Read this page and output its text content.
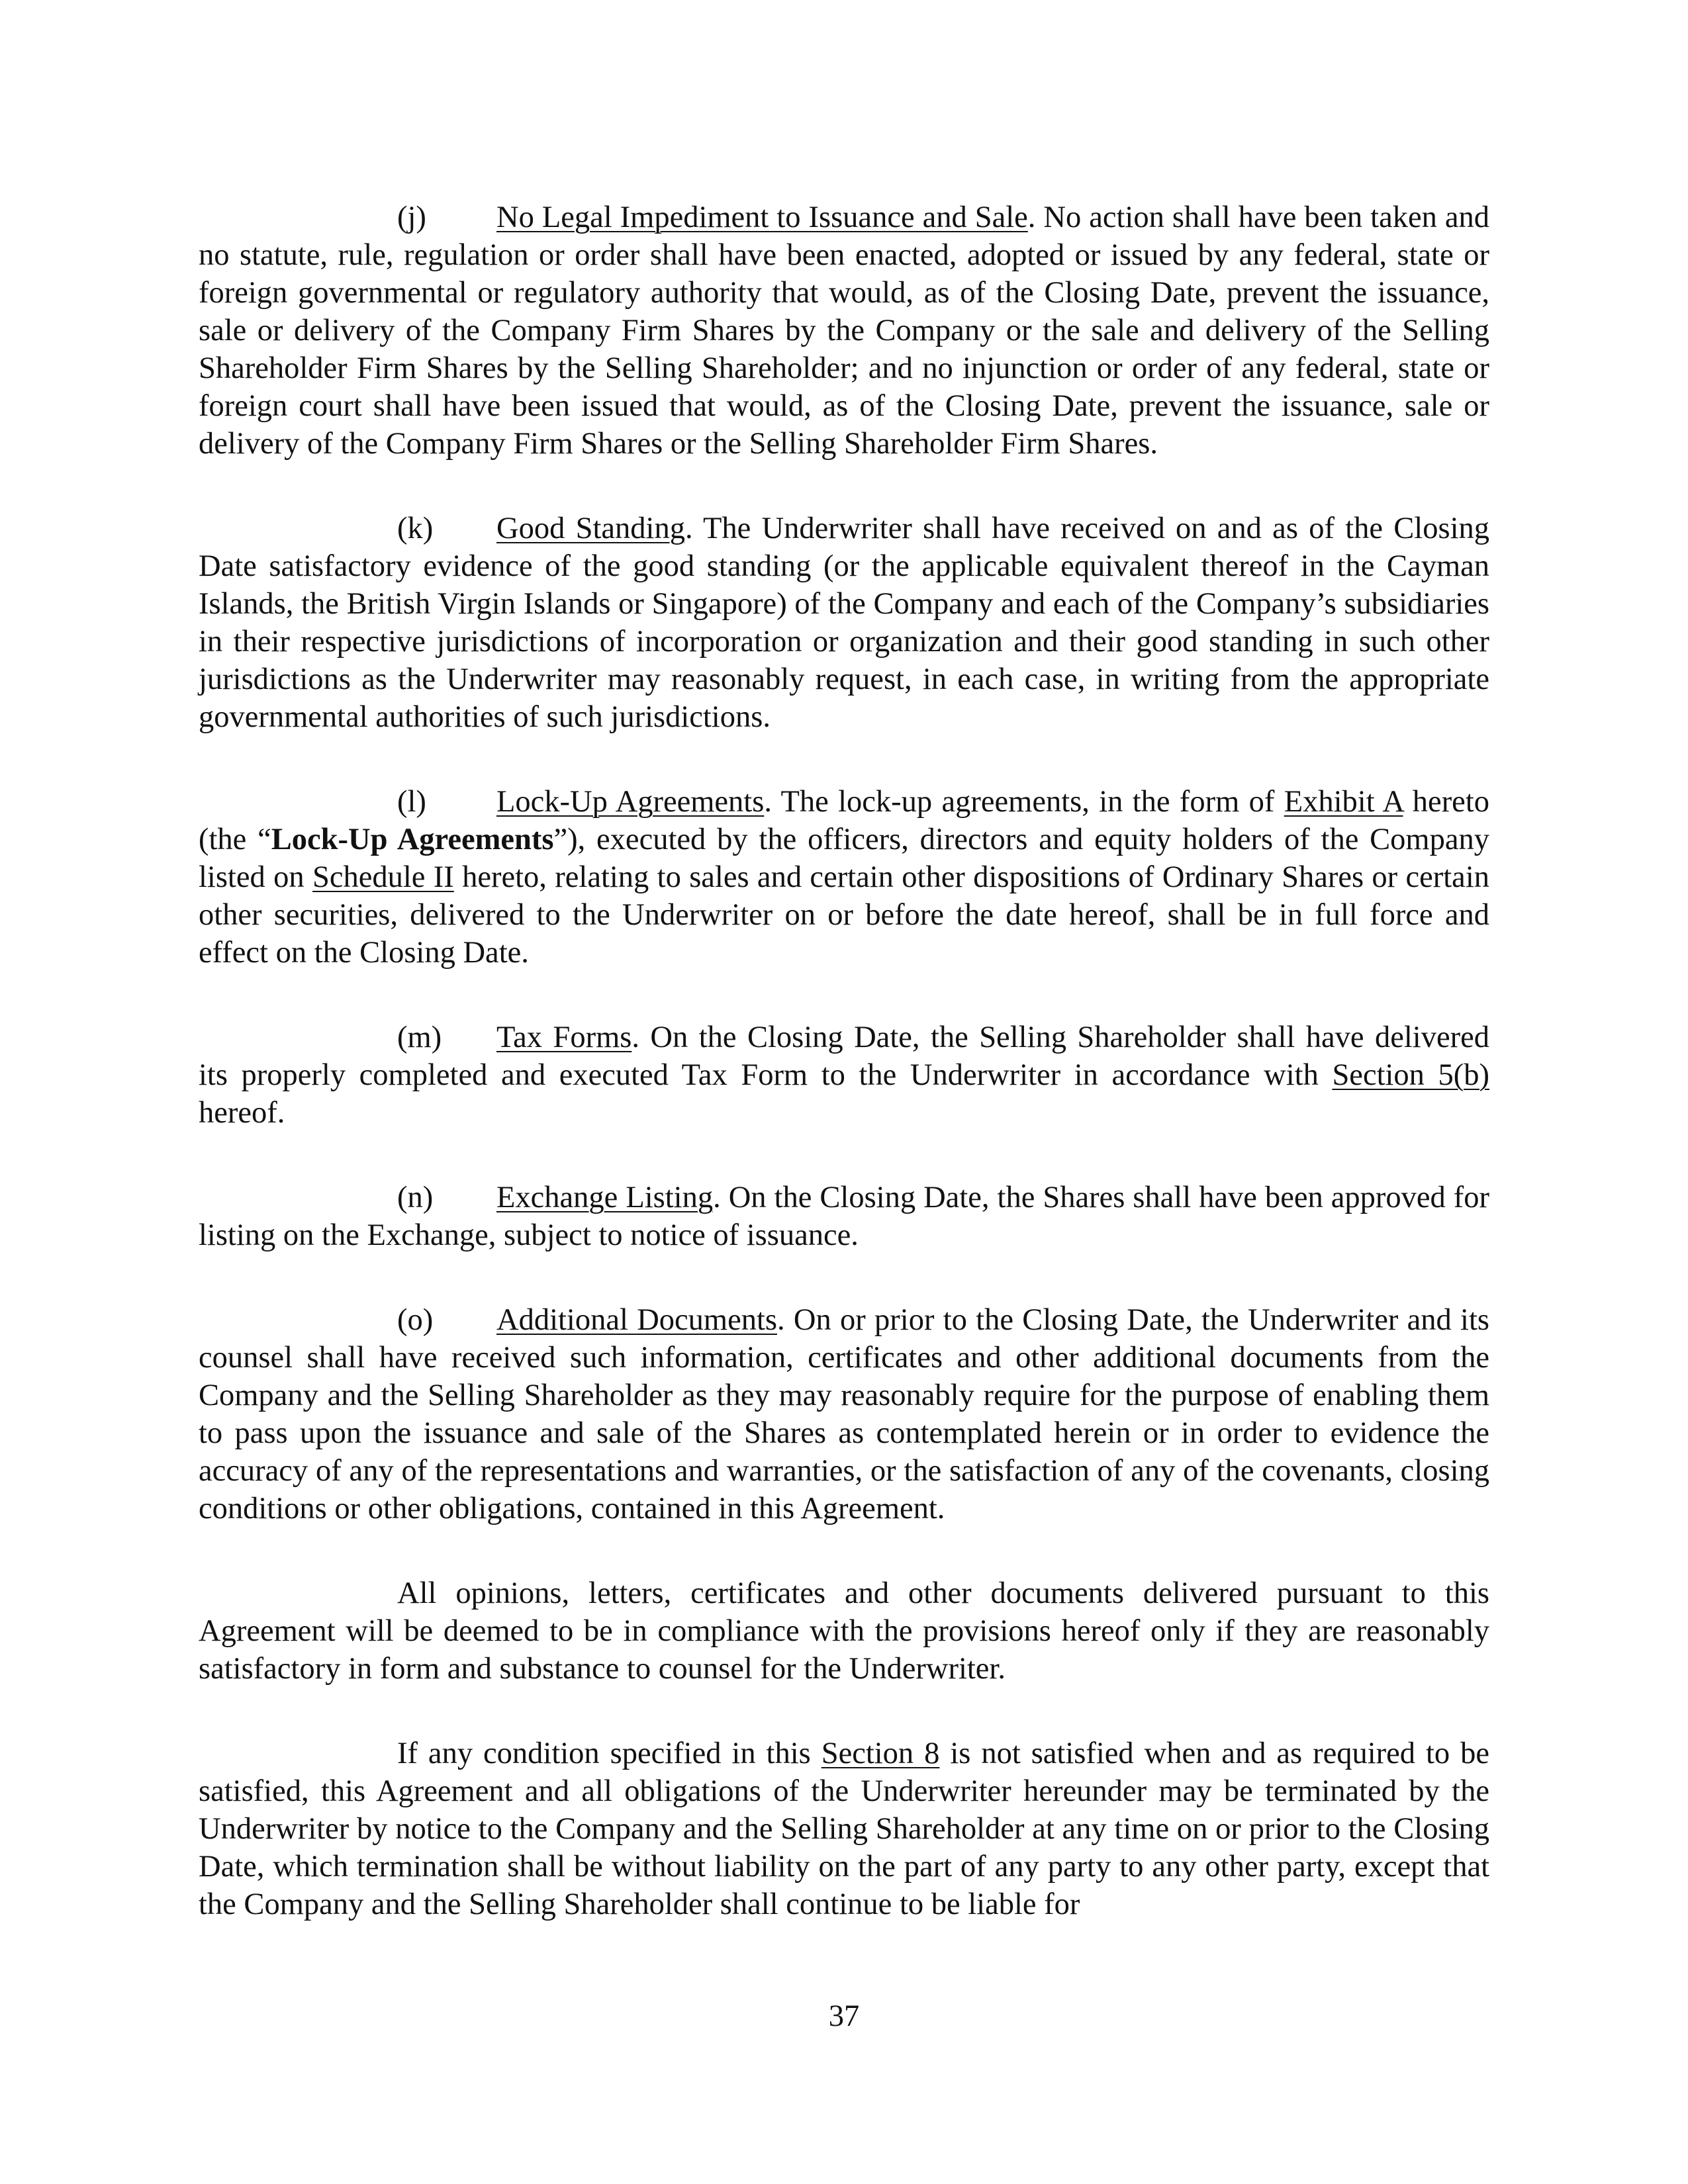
(j) No Legal Impediment to Issuance and Sale. No action shall have been taken and no statute, rule, regulation or order shall have been enacted, adopted or issued by any federal, state or foreign governmental or regulatory authority that would, as of the Closing Date, prevent the issuance, sale or delivery of the Company Firm Shares by the Company or the sale and delivery of the Selling Shareholder Firm Shares by the Selling Shareholder; and no injunction or order of any federal, state or foreign court shall have been issued that would, as of the Closing Date, prevent the issuance, sale or delivery of the Company Firm Shares or the Selling Shareholder Firm Shares.

(k) Good Standing. The Underwriter shall have received on and as of the Closing Date satisfactory evidence of the good standing (or the applicable equivalent thereof in the Cayman Islands, the British Virgin Islands or Singapore) of the Company and each of the Company’s subsidiaries in their respective jurisdictions of incorporation or organization and their good standing in such other jurisdictions as the Underwriter may reasonably request, in each case, in writing from the appropriate governmental authorities of such jurisdictions.

(l) Lock-Up Agreements. The lock-up agreements, in the form of Exhibit A hereto (the “Lock-Up Agreements”), executed by the officers, directors and equity holders of the Company listed on Schedule II hereto, relating to sales and certain other dispositions of Ordinary Shares or certain other securities, delivered to the Underwriter on or before the date hereof, shall be in full force and effect on the Closing Date.

(m) Tax Forms. On the Closing Date, the Selling Shareholder shall have delivered its properly completed and executed Tax Form to the Underwriter in accordance with Section 5(b) hereof.

(n) Exchange Listing. On the Closing Date, the Shares shall have been approved for listing on the Exchange, subject to notice of issuance.

(o) Additional Documents. On or prior to the Closing Date, the Underwriter and its counsel shall have received such information, certificates and other additional documents from the Company and the Selling Shareholder as they may reasonably require for the purpose of enabling them to pass upon the issuance and sale of the Shares as contemplated herein or in order to evidence the accuracy of any of the representations and warranties, or the satisfaction of any of the covenants, closing conditions or other obligations, contained in this Agreement.

All opinions, letters, certificates and other documents delivered pursuant to this Agreement will be deemed to be in compliance with the provisions hereof only if they are reasonably satisfactory in form and substance to counsel for the Underwriter.

If any condition specified in this Section 8 is not satisfied when and as required to be satisfied, this Agreement and all obligations of the Underwriter hereunder may be terminated by the Underwriter by notice to the Company and the Selling Shareholder at any time on or prior to the Closing Date, which termination shall be without liability on the part of any party to any other party, except that the Company and the Selling Shareholder shall continue to be liable for

37
